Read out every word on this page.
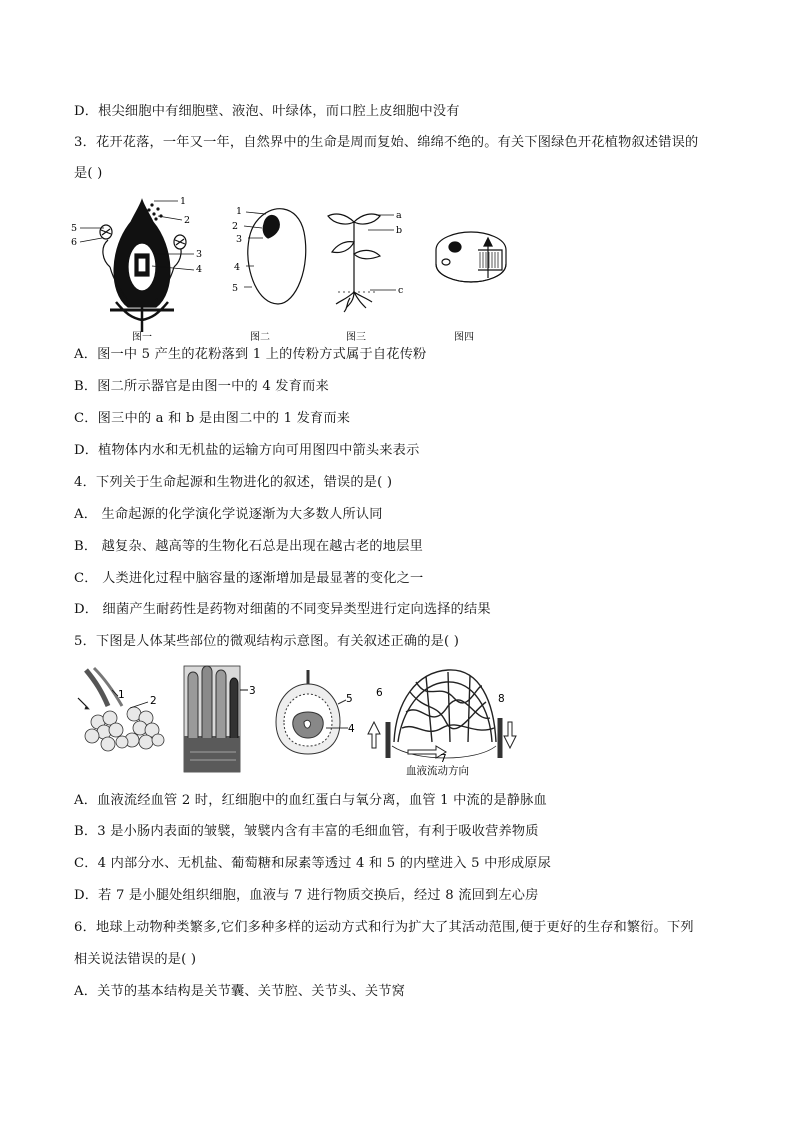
D．根尖细胞中有细胞壁、液泡、叶绿体，而口腔上皮细胞中没有
3．花开花落，一年又一年，自然界中的生命是周而复始、绵绵不绝的。有关下图绿色开花植物叙述错误的
是( )
1
2
3
4
5
6
1
2
3
4
5
a
b
c
图一	图二	图三	图四
A．图一中 5 产生的花粉落到 1 上的传粉方式属于自花传粉
B．图二所示器官是由图一中的 4 发育而来
C．图三中的 a 和 b 是由图二中的 1 发育而来
D．植物体内水和无机盐的运输方向可用图四中箭头来表示
4．下列关于生命起源和生物进化的叙述，错误的是( )
A． 生命起源的化学演化学说逐渐为大多数人所认同
B． 越复杂、越高等的生物化石总是出现在越古老的地层里
C． 人类进化过程中脑容量的逐渐增加是最显著的变化之一
D． 细菌产生耐药性是药物对细菌的不同变异类型进行定向选择的结果
5．下图是人体某些部位的微观结构示意图。有关叙述正确的是( )
1 2
3
5
4
6	8
7
血液流动方向
A．血液流经血管 2 时，红细胞中的血红蛋白与氧分离，血管 1 中流的是静脉血
B．3 是小肠内表面的皱襞，皱襞内含有丰富的毛细血管，有利于吸收营养物质
C．4 内部分水、无机盐、葡萄糖和尿素等透过 4 和 5 的内壁进入 5 中形成原尿
D．若 7 是小腿处组织细胞，血液与 7 进行物质交换后，经过 8 流回到左心房
6．地球上动物种类繁多,它们多种多样的运动方式和行为扩大了其活动范围,便于更好的生存和繁衍。下列
相关说法错误的是( )
A．关节的基本结构是关节囊、关节腔、关节头、关节窝
